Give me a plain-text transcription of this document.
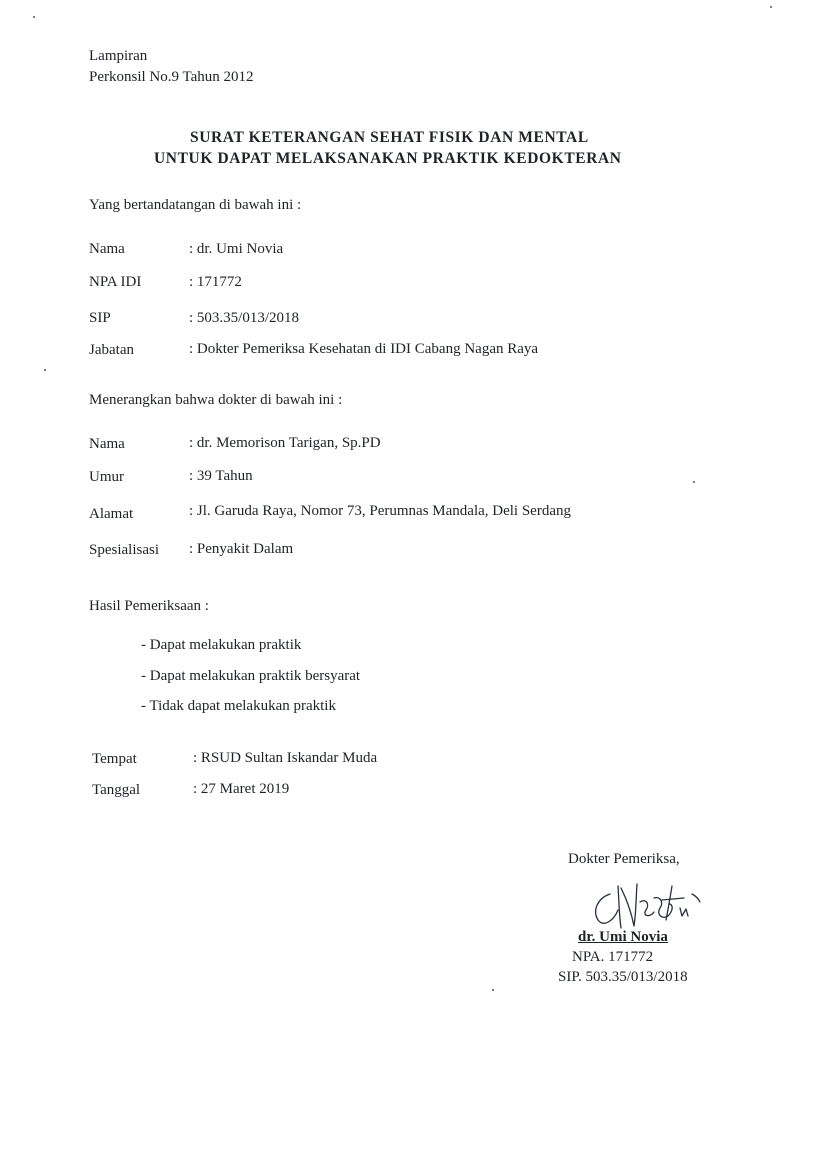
Lampiran
Perkonsil No.9 Tahun 2012
SURAT KETERANGAN SEHAT FISIK DAN MENTAL
UNTUK DAPAT MELAKSANAKAN PRAKTIK KEDOKTERAN
Yang bertandatangan di bawah ini :
Nama	: dr. Umi Novia
NPA IDI	: 171772
SIP	: 503.35/013/2018
Jabatan	: Dokter Pemeriksa Kesehatan di IDI Cabang Nagan Raya
Menerangkan bahwa dokter di bawah ini :
Nama	: dr. Memorison Tarigan, Sp.PD
Umur	: 39 Tahun
Alamat	: Jl. Garuda Raya, Nomor 73, Perumnas Mandala, Deli Serdang
Spesialisasi : Penyakit Dalam
Hasil Pemeriksaan :
- Dapat melakukan praktik
- Dapat melakukan praktik bersyarat
- Tidak dapat melakukan praktik
Tempat	: RSUD Sultan Iskandar Muda
Tanggal	: 27 Maret 2019
Dokter Pemeriksa,
dr. Umi Novia
NPA. 171772
SIP. 503.35/013/2018
